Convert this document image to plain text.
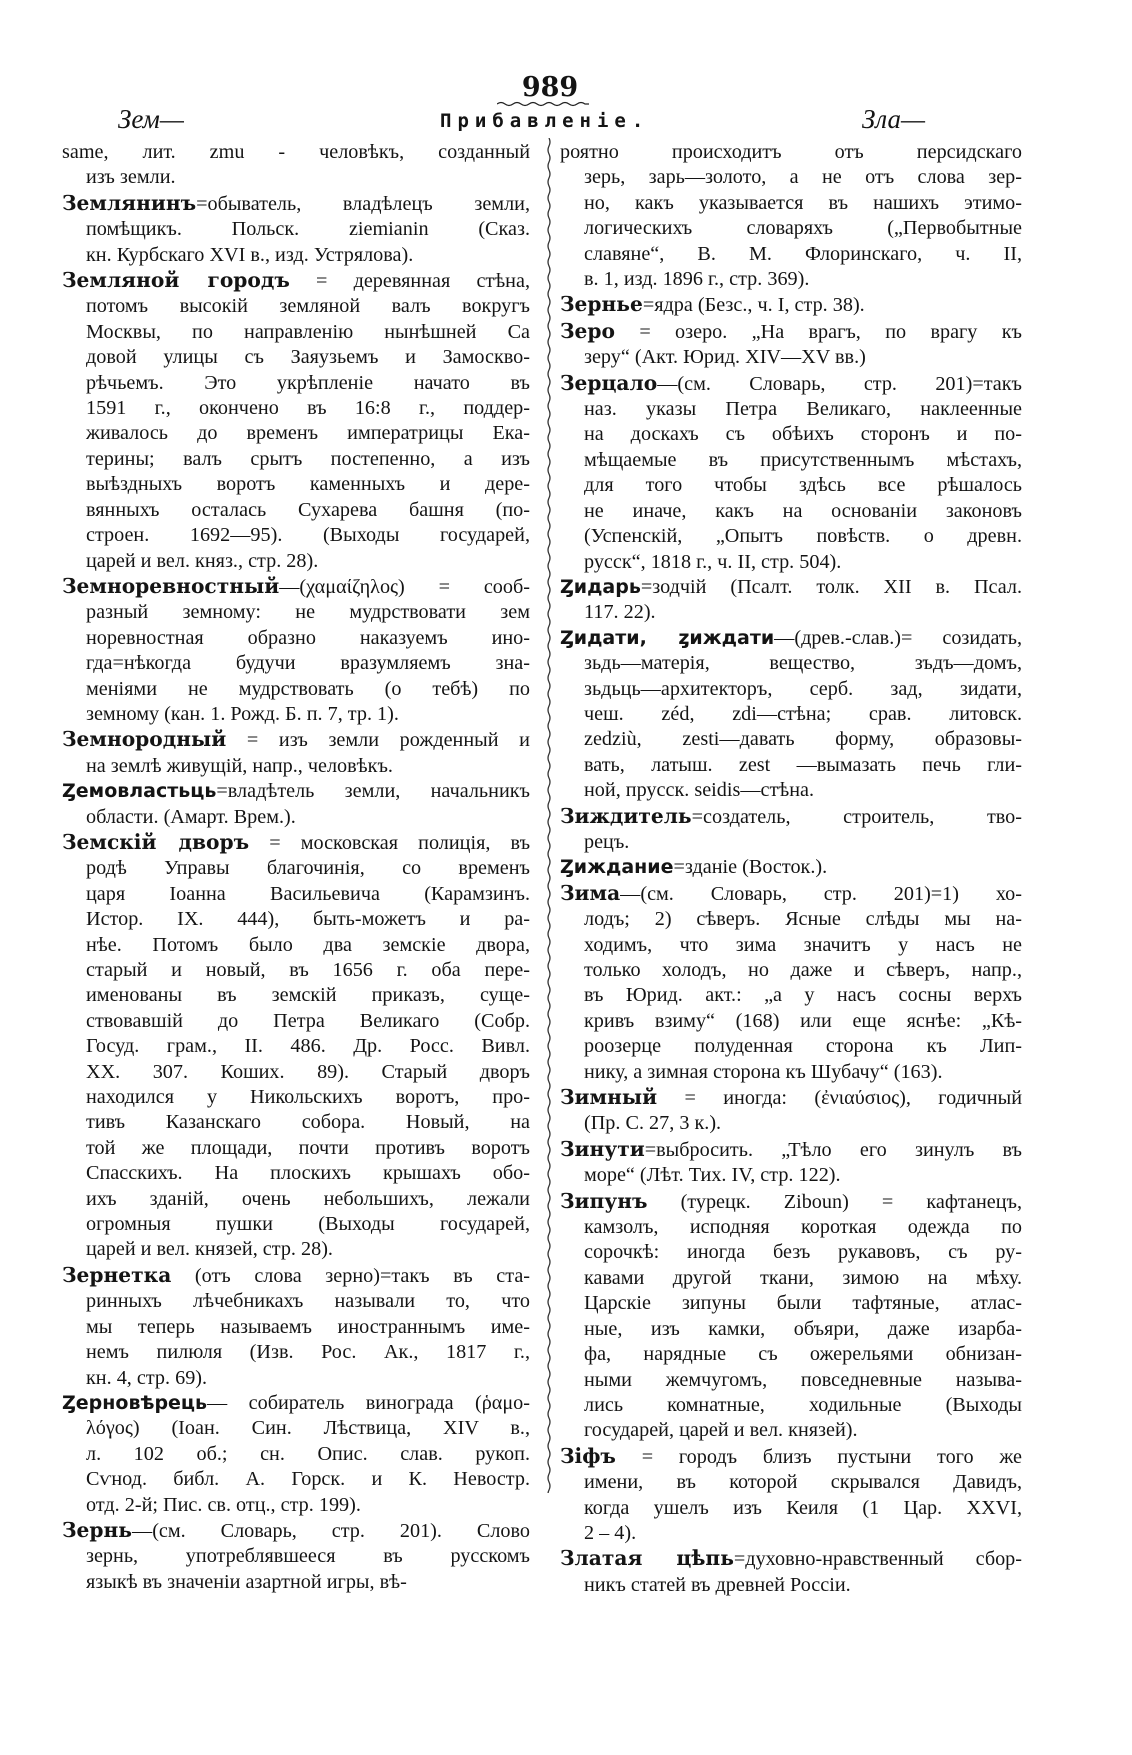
989
Зем—	Прибавленіе.	Зла—
same, лит. zmu - человѣкъ, созданный
изъ земли.
Землянинъ=обыватель, владѣлецъ земли,
помѣщикъ. Польск. ziemianin (Сказ.
кн. Курбскаго XVI в., изд. Устрялова).
Земляной городъ = деревянная стѣна,
потомъ высокій земляной валъ вокругъ
Москвы, по направленію нынѣшней Са
довой улицы съ Заяузьемъ и Замоскво-
рѣчьемъ. Это укрѣпленіе начато въ
1591 г., окончено въ 16:8 г., поддер-
живалось до временъ императрицы Ека-
терины; валъ срытъ постепенно, а изъ
выѣздныхъ воротъ каменныхъ и дере-
вянныхъ осталась Сухарева башня (по-
строен. 1692—95). (Выходы государей,
царей и вел. княз., стр. 28).
Земноревностный—(χαμαίζηλος) = сооб-
разный земному: не мудрствовати зем
норевностная образно наказуемъ ино-
гда=нѣкогда будучи вразумляемъ зна-
меніями не мудрствовать (о тебѣ) по
земному (кан. 1. Рожд. Б. п. 7, тр. 1).
Земнородный = изъ земли рожденный и
на землѣ живущій, напр., человѣкъ.
Ȥемовластьць=владѣтель земли, начальникъ
области. (Амарт. Врем.).
Земскій дворъ = московская полиція, въ
родѣ Управы благочинія, со временъ
царя Іоанна Васильевича (Карамзинъ.
Истор. IX. 444), быть-можетъ и ра-
нѣе. Потомъ было два земскіе двора,
старый и новый, въ 1656 г. оба пере-
именованы въ земскій приказъ, суще-
ствовавшій до Петра Великаго (Собр.
Госуд. грам., II. 486. Др. Росс. Вивл.
XX. 307. Коших. 89). Старый дворъ
находился у Никольскихъ воротъ, про-
тивъ Казанскаго собора. Новый, на
той же площади, почти противъ воротъ
Спасскихъ. На плоскихъ крышахъ обо-
ихъ зданій, очень небольшихъ, лежали
огромныя пушки (Выходы государей,
царей и вел. князей, стр. 28).
Зернетка (отъ слова зерно)=такъ въ ста-
ринныхъ лѣчебникахъ называли то, что
мы теперь называемъ иностраннымъ име-
немъ пилюля (Изв. Рос. Ак., 1817 г.,
кн. 4, стр. 69).
Ȥерновѣрець— собиратель винограда (ῥαμο-
λόγος) (Іоан. Син. Лѣствица, XIV в.,
л. 102 об.; сн. Опис. слав. рукоп.
Сѵнод. библ. А. Горск. и К. Невостр.
отд. 2-й; Пис. св. отц., стр. 199).
Зернь—(см. Словарь, стр. 201). Слово
зернь, употреблявшееся въ русскомъ
языкѣ въ значеніи азартной игры, вѣ-
роятно происходитъ отъ персидскаго
зерь, зарь—золото, а не отъ слова зер-
но, какъ указывается въ нашихъ этимо-
логическихъ словаряхъ („Первобытные
славяне“, В. М. Флоринскаго, ч. II,
в. 1, изд. 1896 г., стр. 369).
Зернье=ядра (Безс., ч. I, стр. 38).
Зеро = озеро. „На врагъ, по врагу къ
зеру“ (Акт. Юрид. XIV—XV вв.)
Зерцало—(см. Словарь, стр. 201)=такъ
наз. указы Петра Великаго, наклеенные
на доскахъ съ обѣихъ сторонъ и по-
мѣщаемые въ присутственнымъ мѣстахъ,
для того чтобы здѣсь все рѣшалось
не иначе, какъ на основаніи законовъ
(Успенскій, „Опытъ повѣств. о древн.
русск“, 1818 г., ч. II, стр. 504).
Ȥидарь=зодчій (Псалт. толк. XII в. Псал.
117. 22).
Ȥидати, ȥиждати—(древ.-слав.)= созидать,
зьдь—матерія, вещество, зъдъ—домъ,
зьдьць—архитекторъ, серб. зад, зидати,
чеш. zéd, zdi—стѣна; срав. литовск.
zedziù, zesti—давать форму, образовы-
вать, латыш. zest —вымазать печь гли-
ной, прусск. seidis—стѣна.
Зиждитель=создатель, строитель, тво-
рецъ.
Ȥиждание=зданіе (Восток.).
Зима—(см. Словарь, стр. 201)=1) хо-
лодъ; 2) сѣверъ. Ясные слѣды мы на-
ходимъ, что зима значитъ у насъ не
только холодъ, но даже и сѣверъ, напр.,
въ Юрид. акт.: „а у насъ сосны верхъ
кривъ взиму“ (168) или еще яснѣе: „Кѣ-
роозерце полуденная сторона къ Лип-
нику, а зимная сторона къ Шубачу“ (163).
Зимный = иногда: (ἐνιαύσιος), годичный
(Пр. С. 27, 3 к.).
Зинути=выбросить. „Тѣло его зинулъ въ
море“ (Лѣт. Тих. IV, стр. 122).
Зипунъ (турецк. Ziboun) = кафтанецъ,
камзолъ, исподняя короткая одежда по
сорочкѣ: иногда безъ рукавовъ, съ ру-
кавами другой ткани, зимою на мѣху.
Царскіе зипуны были тафтяные, атлас-
ные, изъ камки, объяри, даже изарба-
фа, нарядные съ ожерельями обнизан-
ными жемчугомъ, повседневные называ-
лись комнатные, ходильные (Выходы
государей, царей и вел. князей).
Зіфъ = городъ близъ пустыни того же
имени, въ которой скрывался Давидъ,
когда ушелъ изъ Кеиля (1 Цар. XXVI,
2 – 4).
Златая цѣпь=духовно-нравственный сбор-
никъ статей въ древней Россіи.
